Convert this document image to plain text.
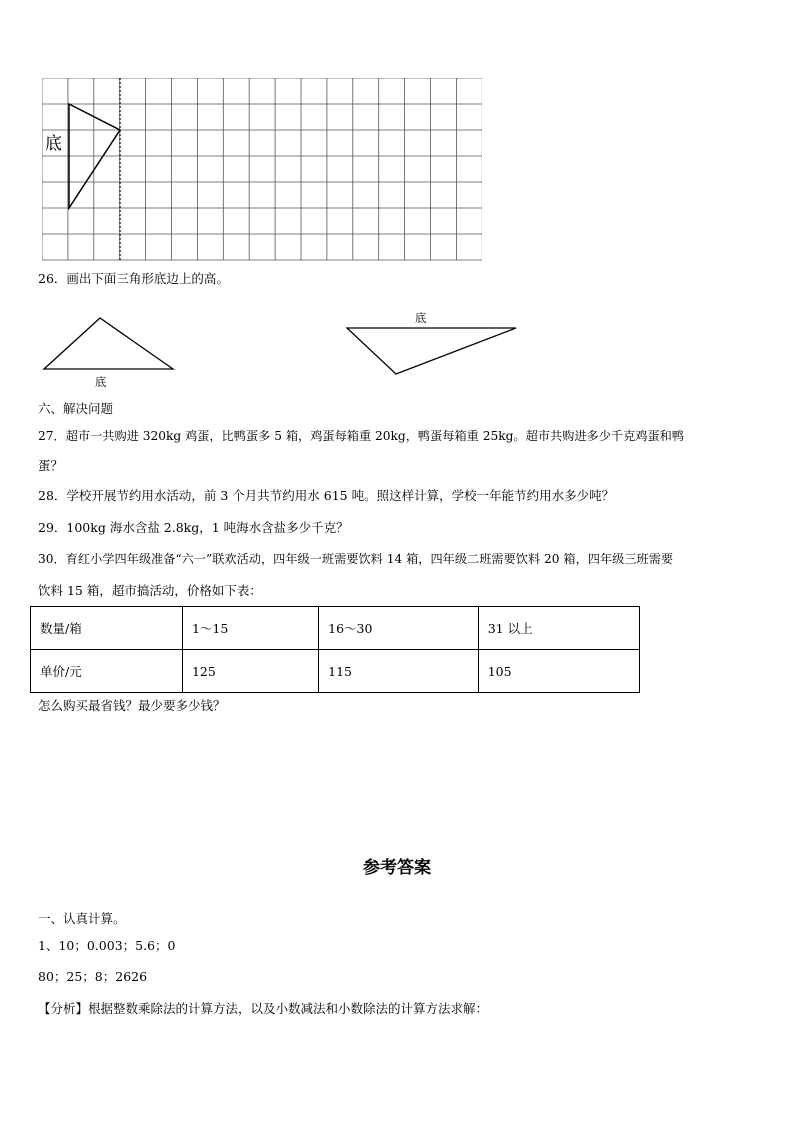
底
26．画出下面三角形底边上的高。
底
底
六、解决问题
27．超市一共购进 320kg 鸡蛋，比鸭蛋多 5 箱，鸡蛋每箱重 20kg，鸭蛋每箱重 25kg。超市共购进多少千克鸡蛋和鸭
蛋？
28．学校开展节约用水活动，前 3 个月共节约用水 615 吨。照这样计算，学校一年能节约用水多少吨？
29．100kg 海水含盐 2.8kg，1 吨海水含盐多少千克？
30．育红小学四年级准备“六一”联欢活动，四年级一班需要饮料 14 箱，四年级二班需要饮料 20 箱，四年级三班需要
饮料 15 箱，超市搞活动，价格如下表：
数量/箱	1～15	16～30	31 以上
单价/元	125	115	105
怎么购买最省钱？最少要多少钱？
参考答案
一、认真计算。
1、10；0.003；5.6；0
80；25；8；2626
【分析】根据整数乘除法的计算方法，以及小数减法和小数除法的计算方法求解：
